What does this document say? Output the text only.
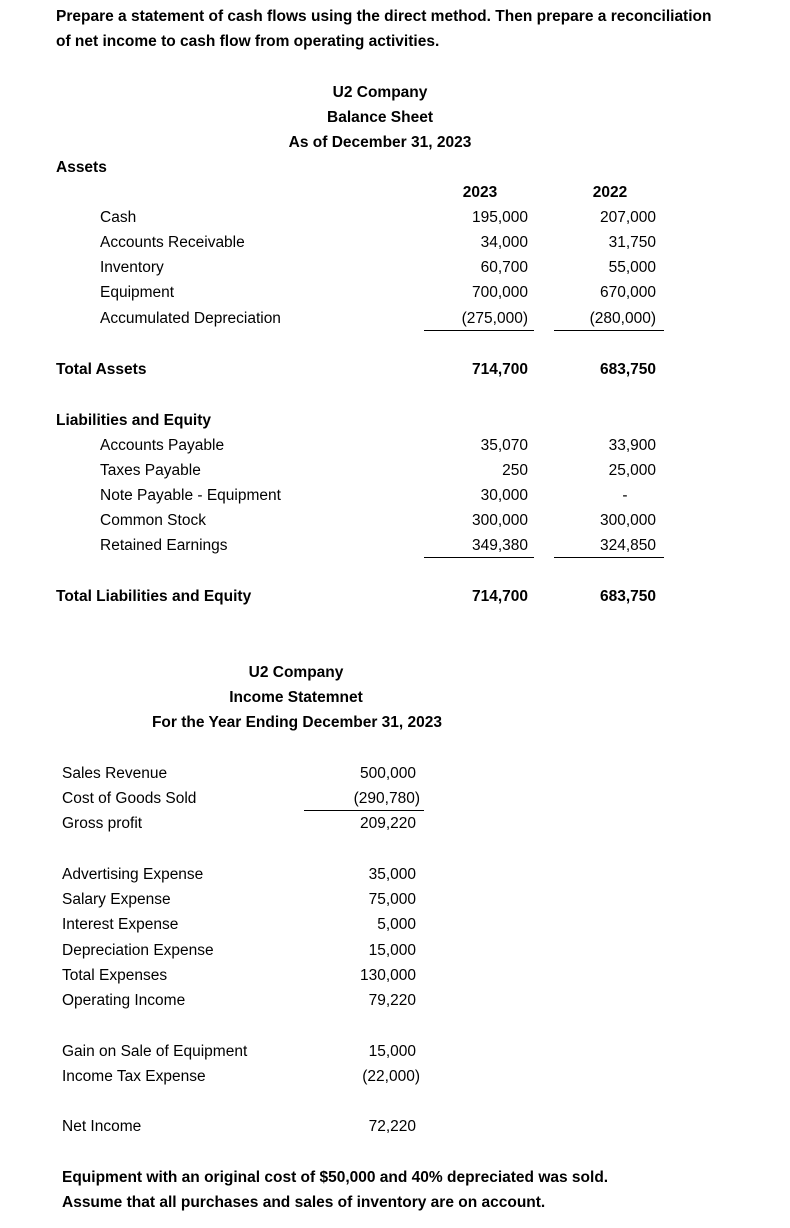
Prepare a statement of cash flows using the direct method. Then prepare a reconciliation
of net income to cash flow from operating activities.
U2 Company
Balance Sheet
As of December 31, 2023
Assets
2023	2022
Cash	195,000	207,000
Accounts Receivable	34,000	31,750
Inventory	60,700	55,000
Equipment	700,000	670,000
Accumulated Depreciation	(275,000)	(280,000)
Total Assets	714,700	683,750
Liabilities and Equity
Accounts Payable	35,070	33,900
Taxes Payable	250	25,000
Note Payable - Equipment	30,000	-
Common Stock	300,000	300,000
Retained Earnings	349,380	324,850
Total Liabilities and Equity	714,700	683,750
U2 Company
Income Statemnet
For the Year Ending December 31, 2023
Sales Revenue	500,000
Cost of Goods Sold	(290,780)
Gross profit	209,220
Advertising Expense	35,000
Salary Expense	75,000
Interest Expense	5,000
Depreciation Expense	15,000
Total Expenses	130,000
Operating Income	79,220
Gain on Sale of Equipment	15,000
Income Tax Expense	(22,000)
Net Income	72,220
Equipment with an original cost of $50,000 and 40% depreciated was sold.
Assume that all purchases and sales of inventory are on account.
